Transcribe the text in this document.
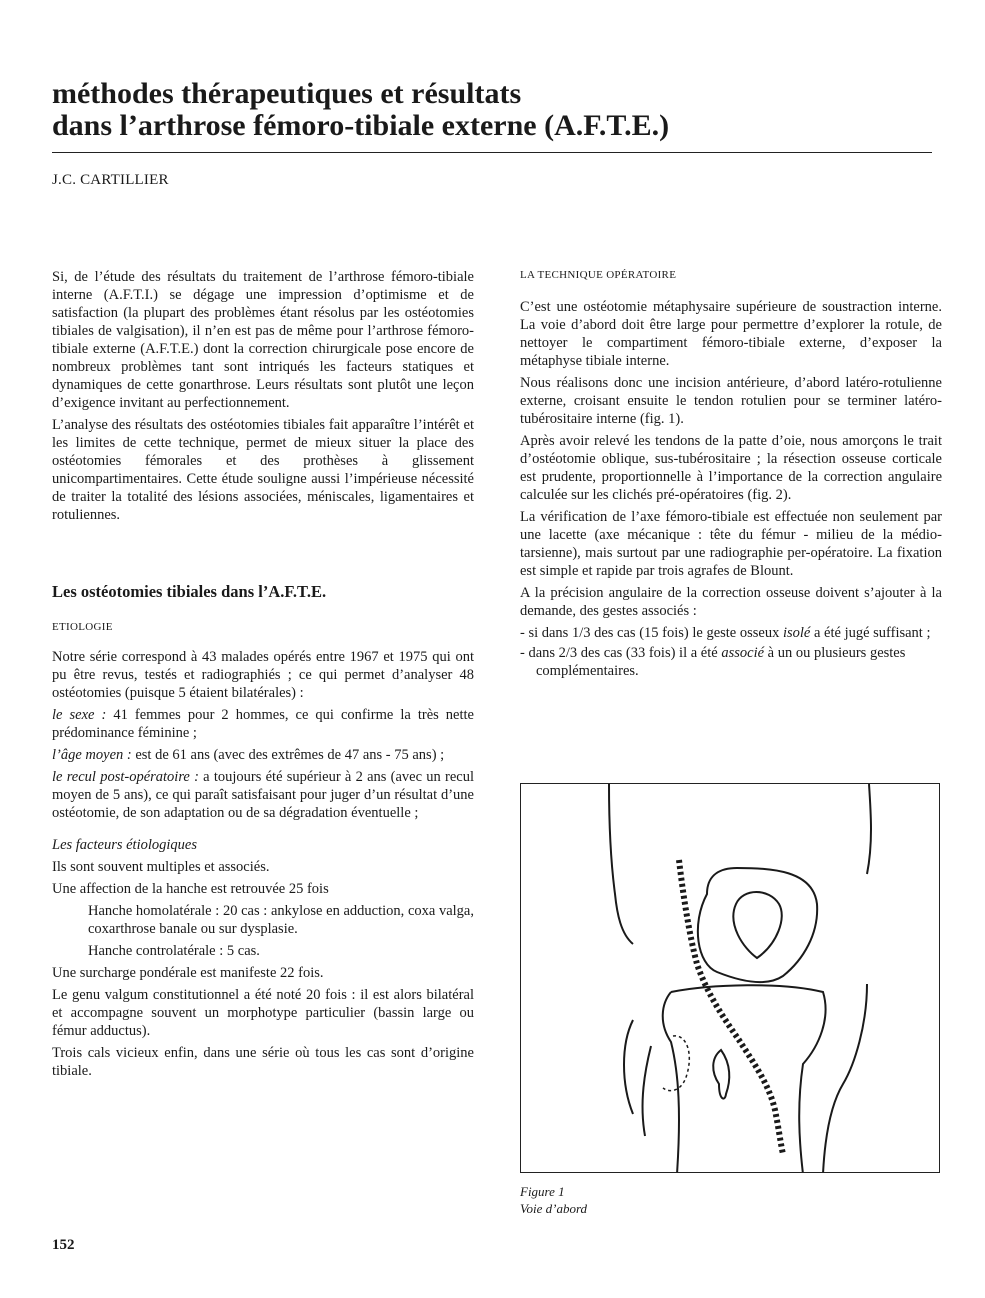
méthodes thérapeutiques et résultats
dans l’arthrose fémoro-tibiale externe (A.F.T.E.)
J.C. CARTILLIER

Si, de l’étude des résultats du traitement de l’arthrose fémoro-tibiale interne (A.F.T.I.) se dégage une impression d’optimisme et de satisfaction (la plupart des problèmes étant résolus par les ostéotomies tibiales de valgisation), il n’en est pas de même pour l’arthrose fémoro-tibiale externe (A.F.T.E.) dont la correction chirurgicale pose encore de nombreux problèmes tant sont intriqués les facteurs statiques et dynamiques de cette gonarthrose. Leurs résultats sont plutôt une leçon d’exigence invitant au perfectionnement.

L’analyse des résultats des ostéotomies tibiales fait apparaître l’intérêt et les limites de cette technique, permet de mieux situer la place des ostéotomies fémorales et des prothèses à glissement unicompartimentaires. Cette étude souligne aussi l’impérieuse nécessité de traiter la totalité des lésions associées, méniscales, ligamentaires et rotuliennes.

Les ostéotomies tibiales dans l’A.F.T.E.
ETIOLOGIE

Notre série correspond à 43 malades opérés entre 1967 et 1975 qui ont pu être revus, testés et radiographiés ; ce qui permet d’analyser 48 ostéotomies (puisque 5 étaient bilatérales) :

le sexe : 41 femmes pour 2 hommes, ce qui confirme la très nette prédominance féminine ;

l’âge moyen : est de 61 ans (avec des extrêmes de 47 ans - 75 ans) ;

le recul post-opératoire : a toujours été supérieur à 2 ans (avec un recul moyen de 5 ans), ce qui paraît satisfaisant pour juger d’un résultat d’une ostéotomie, de son adaptation ou de sa dégradation éventuelle ;

Les facteurs étiologiques

Ils sont souvent multiples et associés.

Une affection de la hanche est retrouvée 25 fois

Hanche homolatérale : 20 cas : ankylose en adduction, coxa valga, coxarthrose banale ou sur dysplasie.

Hanche controlatérale : 5 cas.

Une surcharge pondérale est manifeste 22 fois.

Le genu valgum constitutionnel a été noté 20 fois : il est alors bilatéral et accompagne souvent un morphotype particulier (bassin large ou fémur adductus).

Trois cals vicieux enfin, dans une série où tous les cas sont d’origine tibiale.

LA TECHNIQUE OPÉRATOIRE

C’est une ostéotomie métaphysaire supérieure de soustraction interne. La voie d’abord doit être large pour permettre d’explorer la rotule, de nettoyer le compartiment fémoro-tibiale externe, d’exposer la métaphyse tibiale interne.

Nous réalisons donc une incision antérieure, d’abord latéro-rotulienne externe, croisant ensuite le tendon rotulien pour se terminer latéro-tubérositaire interne (fig. 1).

Après avoir relevé les tendons de la patte d’oie, nous amorçons le trait d’ostéotomie oblique, sus-tubérositaire ; la résection osseuse corticale est prudente, proportionnelle à l’importance de la correction angulaire calculée sur les clichés pré-opératoires (fig. 2).

La vérification de l’axe fémoro-tibiale est effectuée non seulement par une lacette (axe mécanique : tête du fémur - milieu de la médio-tarsienne), mais surtout par une radiographie per-opératoire. La fixation est simple et rapide par trois agrafes de Blount.

A la précision angulaire de la correction osseuse doivent s’ajouter à la demande, des gestes associés :

- si dans 1/3 des cas (15 fois) le geste osseux isolé a été jugé suffisant ;
- dans 2/3 des cas (33 fois) il a été associé à un ou plusieurs gestes complémentaires.
Figure 1
Voie d’abord
152
